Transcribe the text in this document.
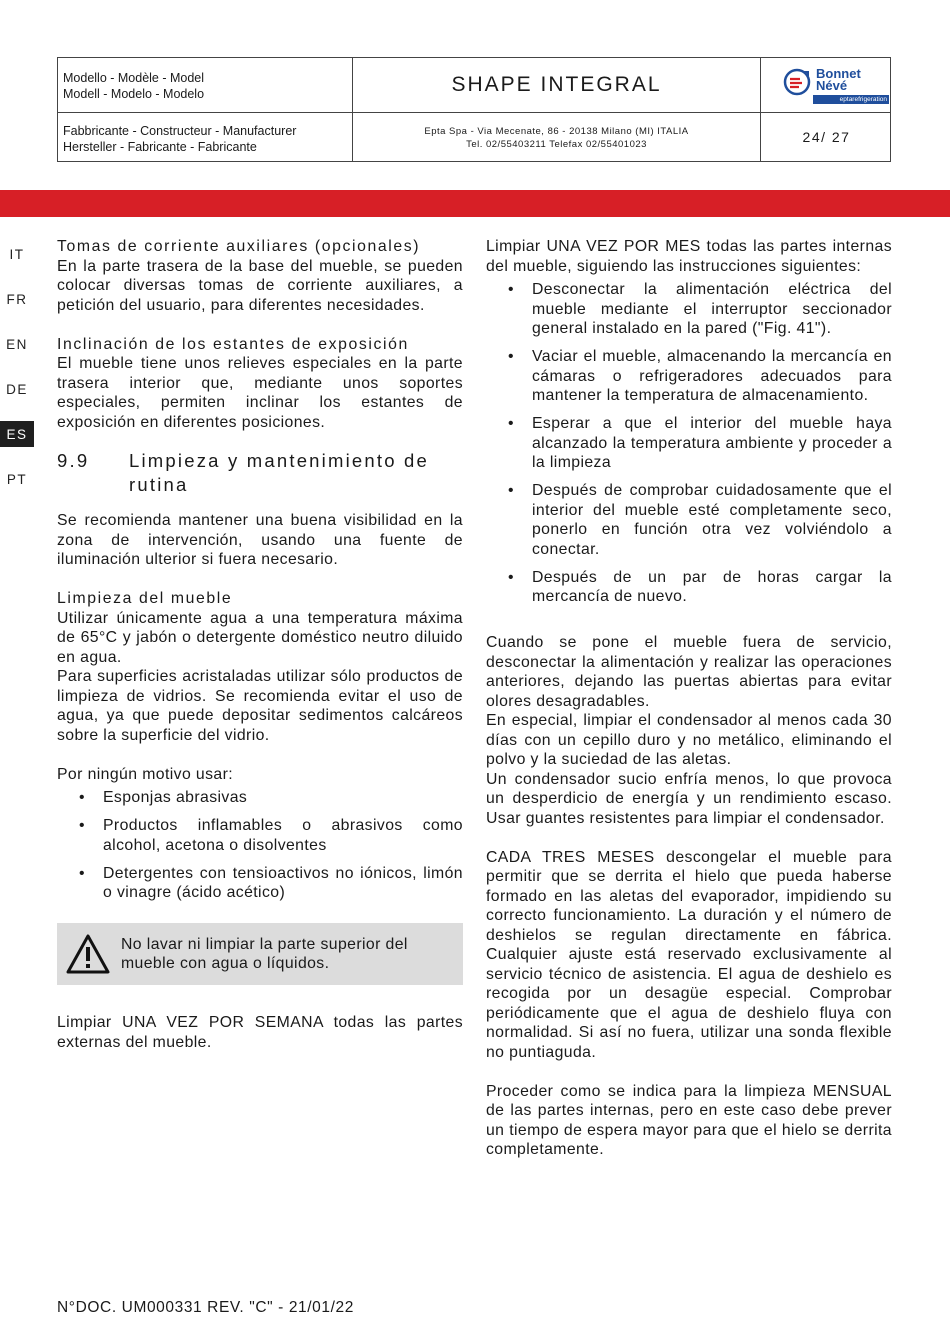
Modello - Modèle - Model
Modell - Modelo - Modelo	SHAPE INTEGRAL	Bonnet
Névé
eptarefrigeration
Fabbricante - Constructeur - Manufacturer
Hersteller - Fabricante - Fabricante
Epta Spa - Via Mecenate, 86 - 20138 Milano (MI) ITALIA
Tel. 02/55403211 Telefax 02/55401023	24/ 27
IT
FR
EN
DE
ES
PT

Tomas de corriente auxiliares (opcionales)

En la parte trasera de la base del mueble, se pueden colocar diversas tomas de corriente auxiliares, a petición del usuario, para diferentes necesidades.

Inclinación de los estantes de exposición

El mueble tiene unos relieves especiales en la parte trasera interior que, mediante unos soportes especiales, permiten inclinar los estantes de exposición en diferentes posiciones.

9.9	Limpieza y mantenimiento de rutina

Se recomienda mantener una buena visibilidad en la zona de intervención, usando una fuente de iluminación ulterior si fuera necesario.

Limpieza del mueble

Utilizar únicamente agua a una temperatura máxima de 65°C y jabón o detergente doméstico neutro diluido en agua.

Para superficies acristaladas utilizar sólo productos de limpieza de vidrios. Se recomienda evitar el uso de agua, ya que puede depositar sedimentos calcáreos sobre la superficie del vidrio.

Por ningún motivo usar:

• Esponjas abrasivas
• Productos inflamables o abrasivos como alcohol, acetona o disolventes
• Detergentes con tensioactivos no iónicos, limón o vinagre (ácido acético)

No lavar ni limpiar la parte superior del mueble con agua o líquidos.

Limpiar UNA VEZ POR SEMANA todas las partes externas del mueble.

Limpiar UNA VEZ POR MES todas las partes internas del mueble, siguiendo las instrucciones siguientes:

• Desconectar la alimentación eléctrica del mueble mediante el interruptor seccionador general instalado en la pared ("Fig. 41").
• Vaciar el mueble, almacenando la mercancía en cámaras o refrigeradores adecuados para mantener la temperatura de almacenamiento.
• Esperar a que el interior del mueble haya alcanzado la temperatura ambiente y proceder a la limpieza
• Después de comprobar cuidadosamente que el interior del mueble esté completamente seco, ponerlo en función otra vez volviéndolo a conectar.
• Después de un par de horas cargar la mercancía de nuevo.

Cuando se pone el mueble fuera de servicio, desconectar la alimentación y realizar las operaciones anteriores, dejando las puertas abiertas para evitar olores desagradables.

En especial, limpiar el condensador al menos cada 30 días con un cepillo duro y no metálico, eliminando el polvo y la suciedad de las aletas.

Un condensador sucio enfría menos, lo que provoca un desperdicio de energía y un rendimiento escaso. Usar guantes resistentes para limpiar el condensador.

CADA TRES MESES descongelar el mueble para permitir que se derrita el hielo que pueda haberse formado en las aletas del evaporador, impidiendo su correcto funcionamiento. La duración y el número de deshielos se regulan directamente en fábrica. Cualquier ajuste está reservado exclusivamente al servicio técnico de asistencia. El agua de deshielo es recogida por un desagüe especial. Comprobar periódicamente que el agua de deshielo fluya con normalidad. Si así no fuera, utilizar una sonda flexible no puntiaguda.

Proceder como se indica para la limpieza MENSUAL de las partes internas, pero en este caso debe prever un tiempo de espera mayor para que el hielo se derrita completamente.

N°DOC. UM000331 REV. "C" - 21/01/22
